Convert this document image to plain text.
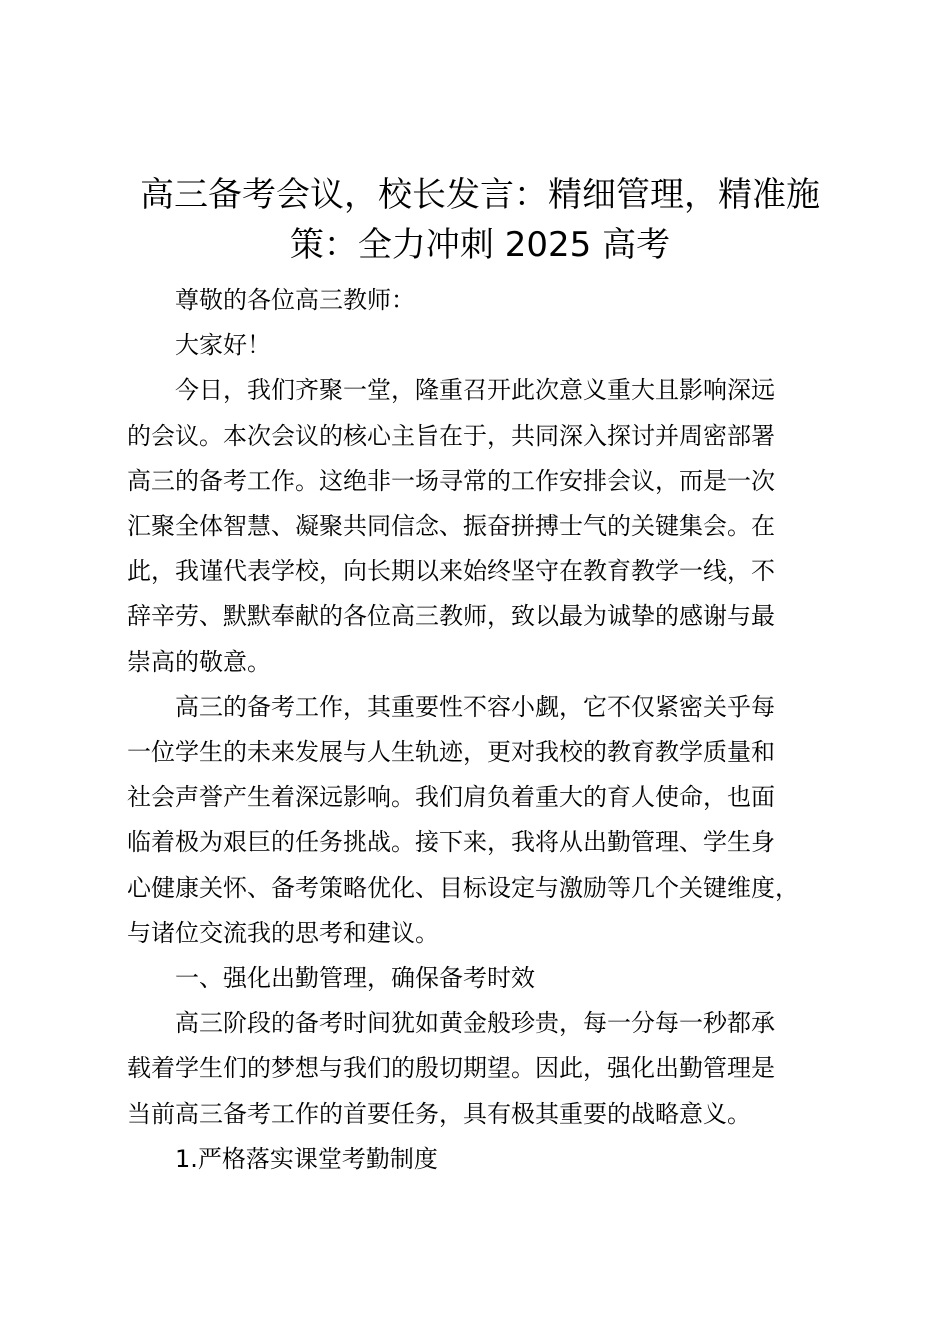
高三备考会议，校长发言：精细管理，精准施
策：全力冲刺 2025 高考

尊敬的各位高三教师：

大家好！

今日，我们齐聚一堂，隆重召开此次意义重大且影响深远
的会议。本次会议的核心主旨在于，共同深入探讨并周密部署
高三的备考工作。这绝非一场寻常的工作安排会议，而是一次
汇聚全体智慧、凝聚共同信念、振奋拼搏士气的关键集会。在
此，我谨代表学校，向长期以来始终坚守在教育教学一线，不
辞辛劳、默默奉献的各位高三教师，致以最为诚挚的感谢与最
崇高的敬意。

高三的备考工作，其重要性不容小觑，它不仅紧密关乎每
一位学生的未来发展与人生轨迹，更对我校的教育教学质量和
社会声誉产生着深远影响。我们肩负着重大的育人使命，也面
临着极为艰巨的任务挑战。接下来，我将从出勤管理、学生身
心健康关怀、备考策略优化、目标设定与激励等几个关键维度，
与诸位交流我的思考和建议。

一、强化出勤管理，确保备考时效

高三阶段的备考时间犹如黄金般珍贵，每一分每一秒都承
载着学生们的梦想与我们的殷切期望。因此，强化出勤管理是
当前高三备考工作的首要任务，具有极其重要的战略意义。

1.严格落实课堂考勤制度
